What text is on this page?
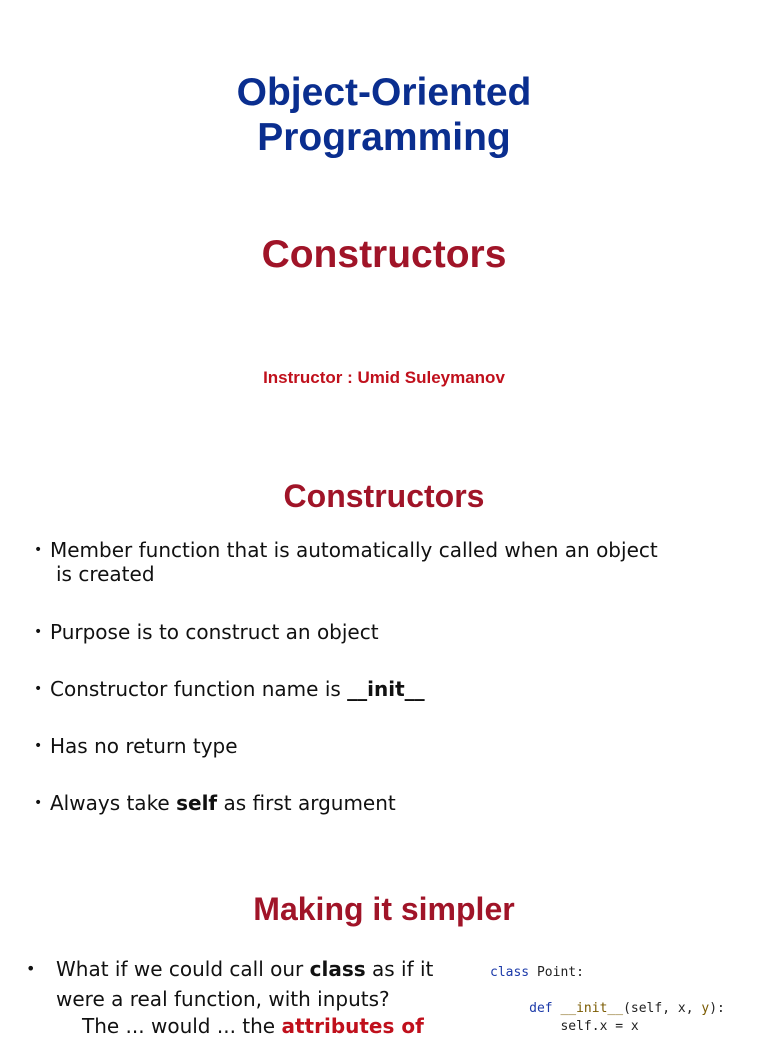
Object-Oriented
Programming
Constructors
Instructor : Umid Suleymanov
Constructors
• Member function that is automatically called when an object
is created
• Purpose is to construct an object
• Constructor function name is __init__
• Has no return type
• Always take self as first argument
Making it simpler
•	What if we could call our class as if it
were a real function, with inputs?
The ... would ... the attributes of
class Point:

def __init__(self, x, y):
self.x = x
